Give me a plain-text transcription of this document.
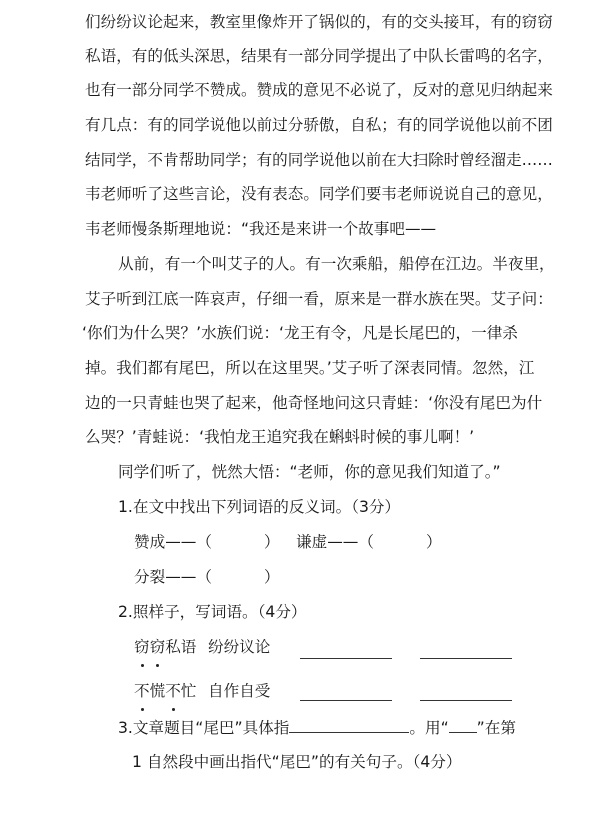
们纷纷议论起来，教室里像炸开了锅似的，有的交头接耳，有的窃窃
私语，有的低头深思，结果有一部分同学提出了中队长雷鸣的名字，
也有一部分同学不赞成。赞成的意见不必说了，反对的意见归纳起来
有几点：有的同学说他以前过分骄傲，自私；有的同学说他以前不团
结同学，不肯帮助同学；有的同学说他以前在大扫除时曾经溜走……
韦老师听了这些言论，没有表态。同学们要韦老师说说自己的意见，
韦老师慢条斯理地说：“我还是来讲一个故事吧——
从前，有一个叫艾子的人。有一次乘船，船停在江边。半夜里，
艾子听到江底一阵哀声，仔细一看，原来是一群水族在哭。艾子问：
‘你们为什么哭？’水族们说：‘龙王有令，凡是长尾巴的，一律杀
掉。我们都有尾巴，所以在这里哭。’艾子听了深表同情。忽然，江
边的一只青蛙也哭了起来，他奇怪地问这只青蛙：‘你没有尾巴为什
么哭？’青蛙说：‘我怕龙王追究我在蝌蚪时候的事儿啊！’
同学们听了，恍然大悟：“老师，你的意见我们知道了。”
1.在文中找出下列词语的反义词。（3分）
赞成——（	） 谦虚——（	）
分裂——（	）
2.照样子，写词语。（4分）
窃窃私语 纷纷议论
不慌不忙 自作自受
3.文章题目“尾巴”具体指	。用“ ”在第
1 自然段中画出指代“尾巴”的有关句子。（4分）
